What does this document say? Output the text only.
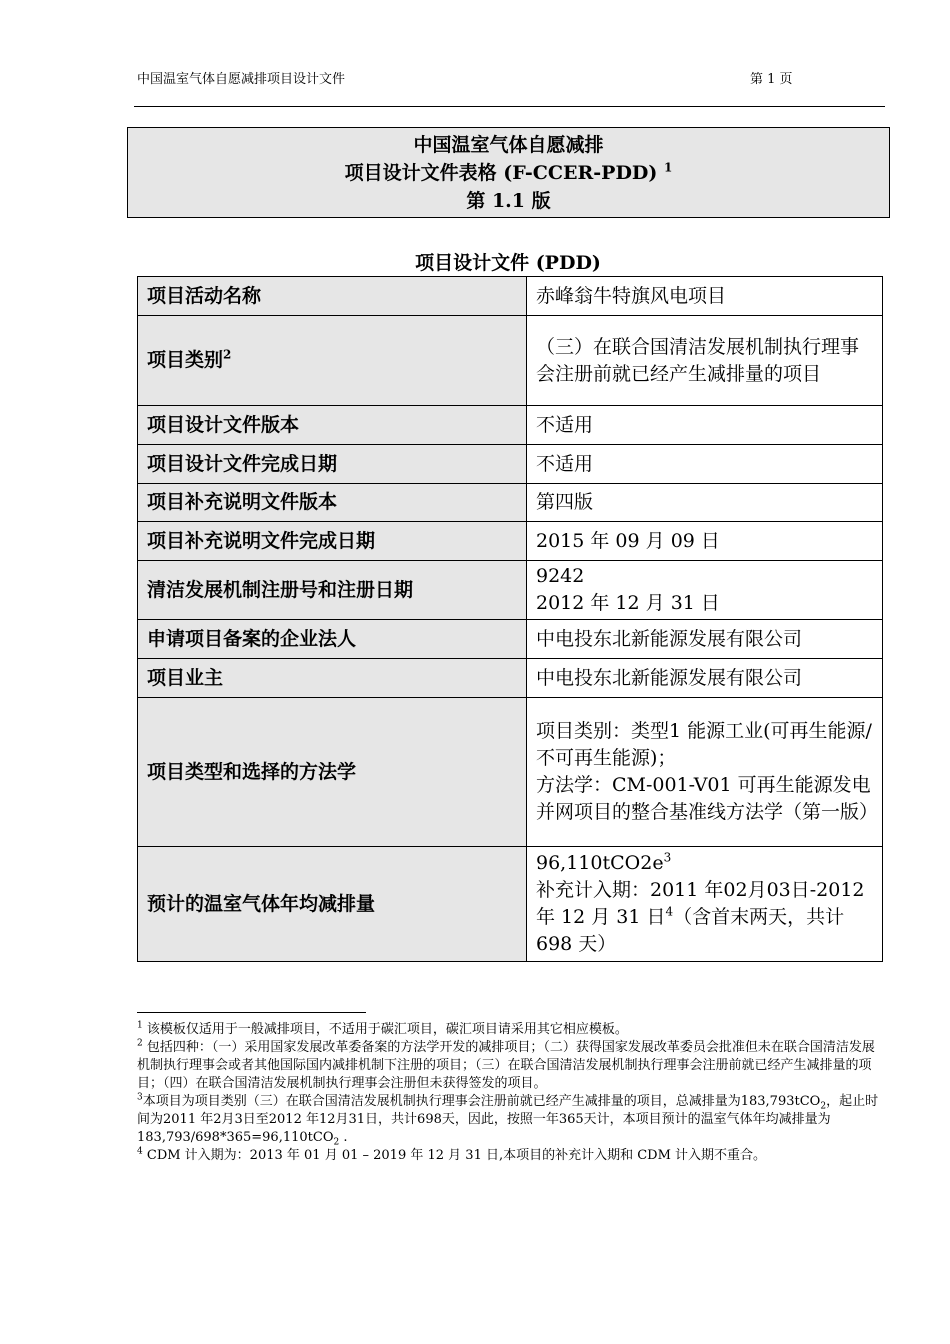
中国温室气体自愿减排项目设计文件	第 1 页
中国温室气体自愿减排
项目设计文件表格 (F-CCER-PDD) $^1$
第 1.1 版
项目设计文件 (PDD)
项目活动名称	赤峰翁牛特旗风电项目
项目类别$^2$	（三）在联合国清洁发展机制执行理事会注册前就已经产生减排量的项目
项目设计文件版本	不适用
项目设计文件完成日期	不适用
项目补充说明文件版本	第四版
项目补充说明文件完成日期	2015 年 09 月 09 日
清洁发展机制注册号和注册日期	9242
2012 年 12 月 31 日

申请项目备案的企业法人	中电投东北新能源发展有限公司
项目业主	中电投东北新能源发展有限公司
项目类型和选择的方法学	项目类别：类型1 能源工业(可再生能源/不可再生能源)；
方法学：CM-001-V01 可再生能源发电并网项目的整合基准线方法学（第一版）

预计的温室气体年均减排量	$96,110tCO2e^3$
补充计入期：2011 年02月03日-2012 年 12 月 31 日$^4$（含首末两天，共计 698 天）

$^1$ 该模板仅适用于一般减排项目，不适用于碳汇项目，碳汇项目请采用其它相应模板。

$^2$ 包括四种：（一）采用国家发展改革委备案的方法学开发的减排项目；（二）获得国家发展改革委员会批准但未在联合国清洁发展机制执行理事会或者其他国际国内减排机制下注册的项目；（三）在联合国清洁发展机制执行理事会注册前就已经产生减排量的项目；（四）在联合国清洁发展机制执行理事会注册但未获得签发的项目。

$^3$本项目为项目类别（三）在联合国清洁发展机制执行理事会注册前就已经产生减排量的项目，总减排量为183,793tCO$_2$，起止时间为2011 年2月3日至2012 年12月31日，共计698天，因此，按照一年365天计，本项目预计的温室气体年均减排量为183,793/698*365=96,110tCO$_2$ .

$^4$ CDM 计入期为：2013 年 01 月 01 – 2019 年 12 月 31 日,本项目的补充计入期和 CDM 计入期不重合。
